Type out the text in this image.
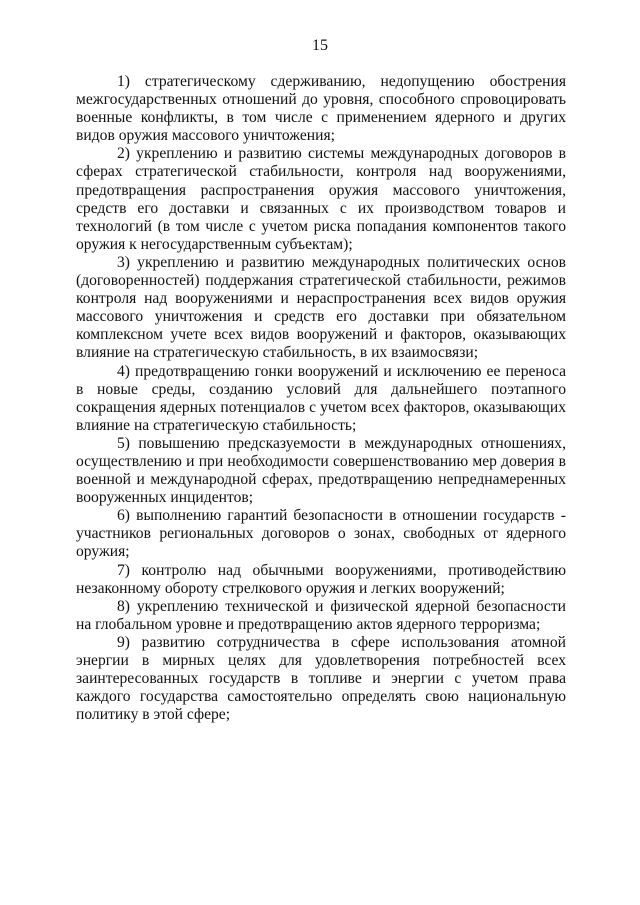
15

1) стратегическому сдерживанию, недопущению обострения межгосударственных отношений до уровня, способного спровоцировать военные конфликты, в том числе с применением ядерного и других видов оружия массового уничтожения;

2) укреплению и развитию системы международных договоров в сферах стратегической стабильности, контроля над вооружениями, предотвращения распространения оружия массового уничтожения, средств его доставки и связанных с их производством товаров и технологий (в том числе с учетом риска попадания компонентов такого оружия к негосударственным субъектам);

3) укреплению и развитию международных политических основ (договоренностей) поддержания стратегической стабильности, режимов контроля над вооружениями и нераспространения всех видов оружия массового уничтожения и средств его доставки при обязательном комплексном учете всех видов вооружений и факторов, оказывающих влияние на стратегическую стабильность, в их взаимосвязи;

4) предотвращению гонки вооружений и исключению ее переноса в новые среды, созданию условий для дальнейшего поэтапного сокращения ядерных потенциалов с учетом всех факторов, оказывающих влияние на стратегическую стабильность;

5) повышению предсказуемости в международных отношениях, осуществлению и при необходимости совершенствованию мер доверия в военной и международной сферах, предотвращению непреднамеренных вооруженных инцидентов;

6) выполнению гарантий безопасности в отношении государств - участников региональных договоров о зонах, свободных от ядерного оружия;

7) контролю над обычными вооружениями, противодействию незаконному обороту стрелкового оружия и легких вооружений;

8) укреплению технической и физической ядерной безопасности на глобальном уровне и предотвращению актов ядерного терроризма;

9) развитию сотрудничества в сфере использования атомной энергии в мирных целях для удовлетворения потребностей всех заинтересованных государств в топливе и энергии с учетом права каждого государства самостоятельно определять свою национальную политику в этой сфере;
